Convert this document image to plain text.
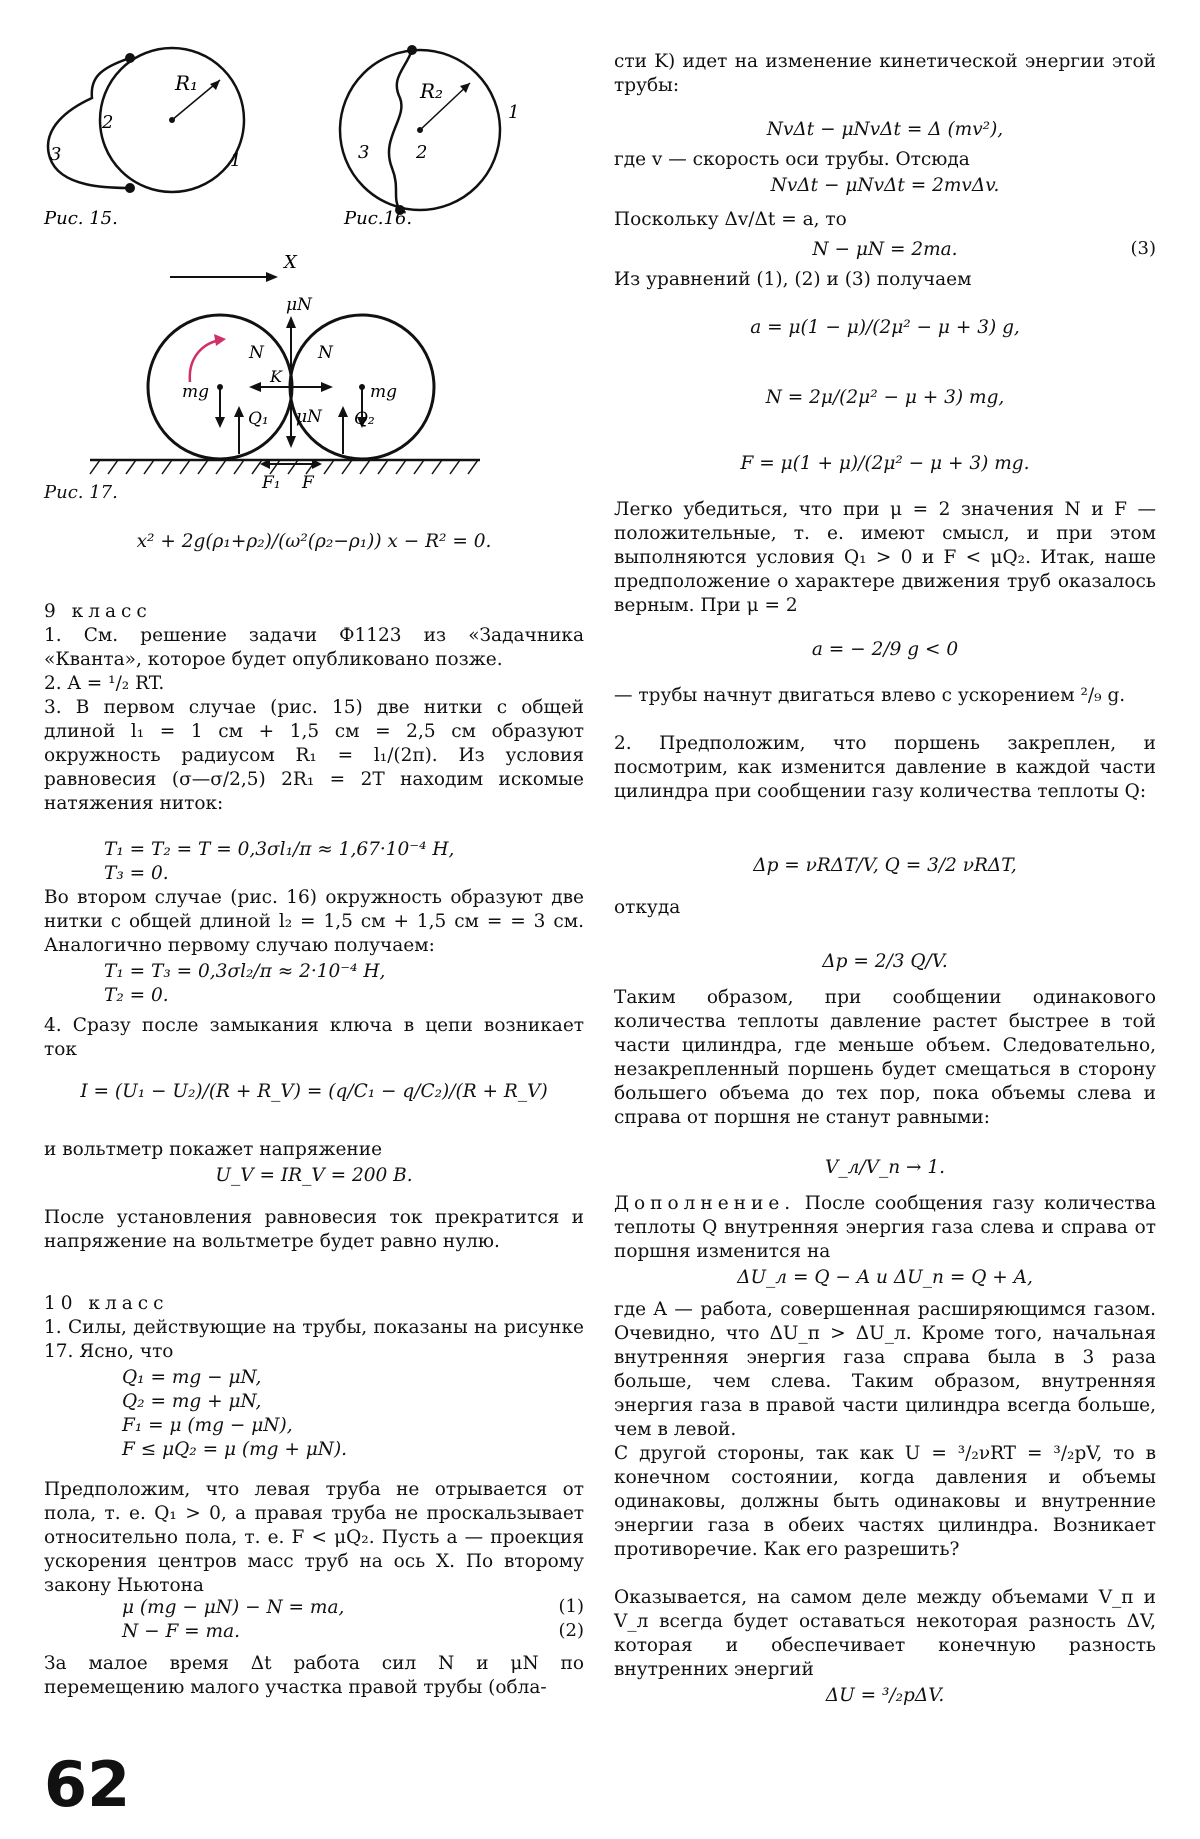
R₁
2
3	1
Рис. 15.
R₂
1
2
3
Рис.16.
X
μN
N	N
K
mg	mg
Q₁	Q₂
μN
F₁ F
Рис. 17.
x² + 2g(ρ₁+ρ₂)/(ω²(ρ₂−ρ₁)) x − R² = 0.
9 класс
1. См. решение задачи Ф1123 из «Задачника «Кванта», которое будет опубликовано позже.
2. A = ¹/₂ RT.
3. В первом случае (рис. 15) две нитки с общей длиной l₁ = 1 см + 1,5 см = 2,5 см образуют окружность радиусом R₁ = l₁/(2π). Из условия равновесия (σ—σ/2,5) 2R₁ = 2T находим искомые натяжения ниток:
T₁ = T₂ = T = 0,3σl₁/π ≈ 1,67·10⁻⁴ Н,
T₃ = 0.
Во втором случае (рис. 16) окружность образуют две нитки с общей длиной l₂ = 1,5 см + 1,5 см = = 3 см. Аналогично первому случаю получаем:
T₁ = T₃ = 0,3σl₂/π ≈ 2·10⁻⁴ Н,
T₂ = 0.
4. Сразу после замыкания ключа в цепи возникает ток
I = (U₁ − U₂)/(R + R_V) = (q/C₁ − q/C₂)/(R + R_V)
и вольтметр покажет напряжение
U_V = IR_V = 200 В.
После установления равновесия ток прекратится и напряжение на вольтметре будет равно нулю.
10 класс
1. Силы, действующие на трубы, показаны на рисунке 17. Ясно, что
Q₁ = mg − μN,
Q₂ = mg + μN,
F₁ = μ (mg − μN),
F ≤ μQ₂ = μ (mg + μN).
Предположим, что левая труба не отрывается от пола, т. е. Q₁ > 0, а правая труба не проскальзывает относительно пола, т. е. F < μQ₂. Пусть a — проекция ускорения центров масс труб на ось X. По второму закону Ньютона
μ (mg − μN) − N = ma,	(1)
N − F = ma.	(2)
За малое время Δt работа сил N и μN по перемещению малого участка правой трубы (обла-
сти K) идет на изменение кинетической энергии этой трубы:
NvΔt − μNvΔt = Δ (mv²),
где v — скорость оси трубы. Отсюда
NvΔt − μNvΔt = 2mvΔv.
Поскольку Δv/Δt = a, то
N − μN = 2ma.	(3)
Из уравнений (1), (2) и (3) получаем
a = μ(1 − μ)/(2μ² − μ + 3) g,
N = 2μ/(2μ² − μ + 3) mg,
F = μ(1 + μ)/(2μ² − μ + 3) mg.
Легко убедиться, что при μ = 2 значения N и F — положительные, т. е. имеют смысл, и при этом выполняются условия Q₁ > 0 и F < μQ₂. Итак, наше предположение о характере движения труб оказалось верным. При μ = 2
a = − 2/9 g < 0
— трубы начнут двигаться влево с ускорением ²/₉ g.
2. Предположим, что поршень закреплен, и посмотрим, как изменится давление в каждой части цилиндра при сообщении газу количества теплоты Q:
Δp = νRΔT/V, Q = 3/2 νRΔT,
откуда
Δp = 2/3 Q/V.
Таким образом, при сообщении одинакового количества теплоты давление растет быстрее в той части цилиндра, где меньше объем. Следовательно, незакрепленный поршень будет смещаться в сторону большего объема до тех пор, пока объемы слева и справа от поршня не станут равными:
V_л/V_п → 1.
Дополнение. После сообщения газу количества теплоты Q внутренняя энергия газа слева и справа от поршня изменится на
ΔU_л = Q − A и ΔU_п = Q + A,
где A — работа, совершенная расширяющимся газом. Очевидно, что ΔU_п > ΔU_л. Кроме того, начальная внутренняя энергия газа справа была в 3 раза больше, чем слева. Таким образом, внутренняя энергия газа в правой части цилиндра всегда больше, чем в левой.
С другой стороны, так как U = ³/₂νRT = ³/₂pV, то в конечном состоянии, когда давления и объемы одинаковы, должны быть одинаковы и внутренние энергии газа в обеих частях цилиндра. Возникает противоречие. Как его разрешить?
Оказывается, на самом деле между объемами V_п и V_л всегда будет оставаться некоторая разность ΔV, которая и обеспечивает конечную разность внутренних энергий
ΔU = ³/₂pΔV.
62
